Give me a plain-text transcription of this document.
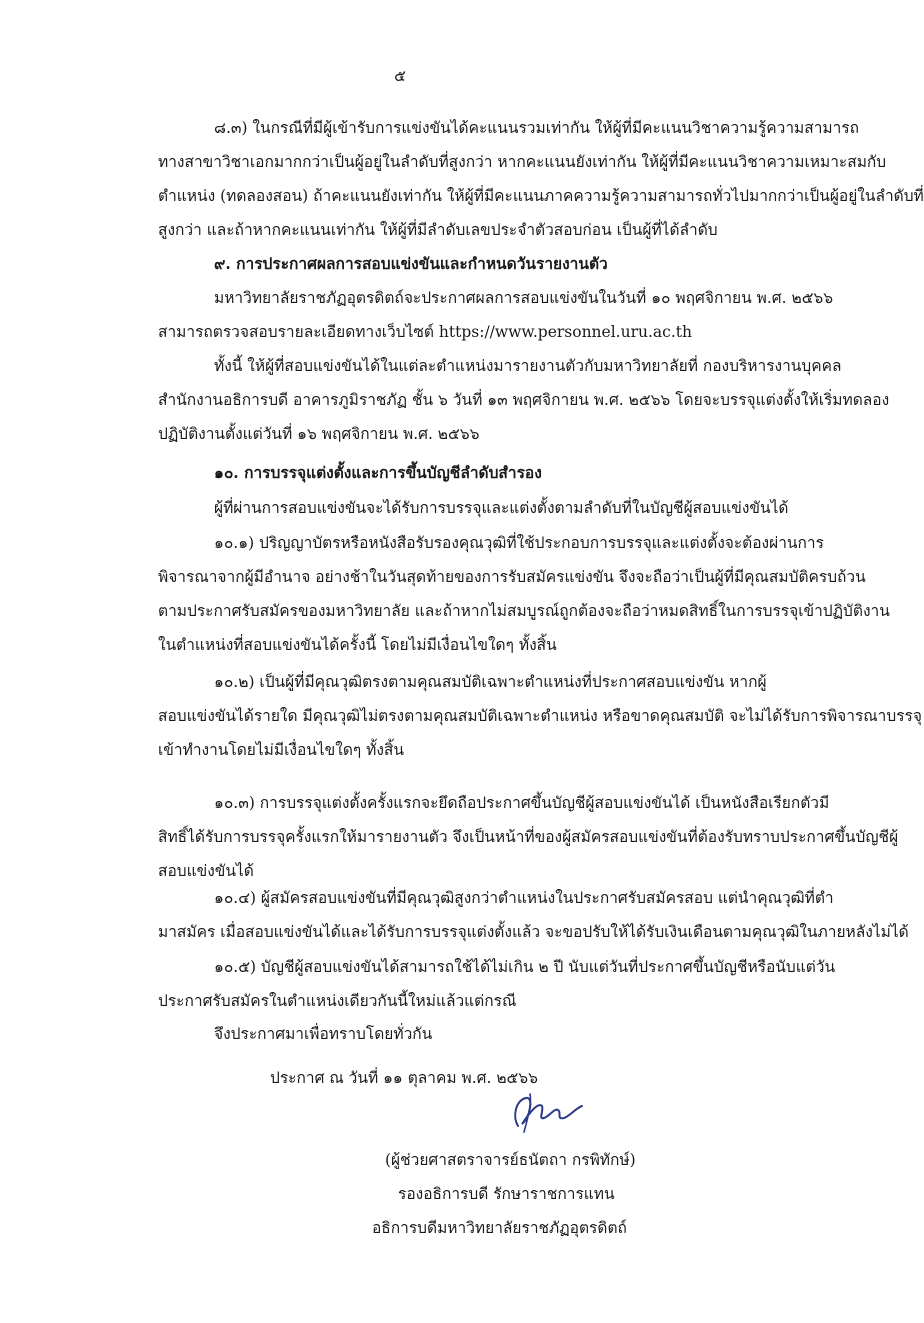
๕
๘.๓) ในกรณีที่มีผู้เข้ารับการแข่งขันได้คะแนนรวมเท่ากัน ให้ผู้ที่มีคะแนนวิชาความรู้ความสามารถ
ทางสาขาวิชาเอกมากกว่าเป็นผู้อยู่ในลำดับที่สูงกว่า หากคะแนนยังเท่ากัน ให้ผู้ที่มีคะแนนวิชาความเหมาะสมกับ
ตำแหน่ง (ทดลองสอน) ถ้าคะแนนยังเท่ากัน ให้ผู้ที่มีคะแนนภาคความรู้ความสามารถทั่วไปมากกว่าเป็นผู้อยู่ในลำดับที่
สูงกว่า และถ้าหากคะแนนเท่ากัน ให้ผู้ที่มีลำดับเลขประจำตัวสอบก่อน เป็นผู้ที่ได้ลำดับ
๙. การประกาศผลการสอบแข่งขันและกำหนดวันรายงานตัว
มหาวิทยาลัยราชภัฏอุตรดิตถ์จะประกาศผลการสอบแข่งขันในวันที่ ๑๐ พฤศจิกายน พ.ศ. ๒๕๖๖
สามารถตรวจสอบรายละเอียดทางเว็บไซต์ https://www.personnel.uru.ac.th
ทั้งนี้ ให้ผู้ที่สอบแข่งขันได้ในแต่ละตำแหน่งมารายงานตัวกับมหาวิทยาลัยที่ กองบริหารงานบุคคล
สำนักงานอธิการบดี อาคารภูมิราชภัฏ ชั้น ๖ วันที่ ๑๓ พฤศจิกายน พ.ศ. ๒๕๖๖ โดยจะบรรจุแต่งตั้งให้เริ่มทดลอง
ปฏิบัติงานตั้งแต่วันที่ ๑๖ พฤศจิกายน พ.ศ. ๒๕๖๖
๑๐. การบรรจุแต่งตั้งและการขึ้นบัญชีลำดับสำรอง
ผู้ที่ผ่านการสอบแข่งขันจะได้รับการบรรจุและแต่งตั้งตามลำดับที่ในบัญชีผู้สอบแข่งขันได้
๑๐.๑) ปริญญาบัตรหรือหนังสือรับรองคุณวุฒิที่ใช้ประกอบการบรรจุและแต่งตั้งจะต้องผ่านการ
พิจารณาจากผู้มีอำนาจ อย่างช้าในวันสุดท้ายของการรับสมัครแข่งขัน จึงจะถือว่าเป็นผู้ที่มีคุณสมบัติครบถ้วน
ตามประกาศรับสมัครของมหาวิทยาลัย และถ้าหากไม่สมบูรณ์ถูกต้องจะถือว่าหมดสิทธิ์ในการบรรจุเข้าปฏิบัติงาน
ในตำแหน่งที่สอบแข่งขันได้ครั้งนี้ โดยไม่มีเงื่อนไขใดๆ ทั้งสิ้น
๑๐.๒) เป็นผู้ที่มีคุณวุฒิตรงตามคุณสมบัติเฉพาะตำแหน่งที่ประกาศสอบแข่งขัน หากผู้
สอบแข่งขันได้รายใด มีคุณวุฒิไม่ตรงตามคุณสมบัติเฉพาะตำแหน่ง หรือขาดคุณสมบัติ จะไม่ได้รับการพิจารณาบรรจุ
เข้าทำงานโดยไม่มีเงื่อนไขใดๆ ทั้งสิ้น
๑๐.๓) การบรรจุแต่งตั้งครั้งแรกจะยึดถือประกาศขึ้นบัญชีผู้สอบแข่งขันได้ เป็นหนังสือเรียกตัวมี
สิทธิ์ได้รับการบรรจุครั้งแรกให้มารายงานตัว จึงเป็นหน้าที่ของผู้สมัครสอบแข่งขันที่ต้องรับทราบประกาศขึ้นบัญชีผู้
สอบแข่งขันได้
๑๐.๔) ผู้สมัครสอบแข่งขันที่มีคุณวุฒิสูงกว่าตำแหน่งในประกาศรับสมัครสอบ แต่นำคุณวุฒิที่ตำ
มาสมัคร เมื่อสอบแข่งขันได้และได้รับการบรรจุแต่งตั้งแล้ว จะขอปรับให้ได้รับเงินเดือนตามคุณวุฒิในภายหลังไม่ได้
๑๐.๕) บัญชีผู้สอบแข่งขันได้สามารถใช้ได้ไม่เกิน ๒ ปี นับแต่วันที่ประกาศขึ้นบัญชีหรือนับแต่วัน
ประกาศรับสมัครในตำแหน่งเดียวกันนี้ใหม่แล้วแต่กรณี
จึงประกาศมาเพื่อทราบโดยทั่วกัน
ประกาศ ณ วันที่ ๑๑ ตุลาคม พ.ศ. ๒๕๖๖
(ผู้ช่วยศาสตราจารย์ธนัตถา กรพิทักษ์)
รองอธิการบดี รักษาราชการแทน
อธิการบดีมหาวิทยาลัยราชภัฏอุตรดิตถ์
